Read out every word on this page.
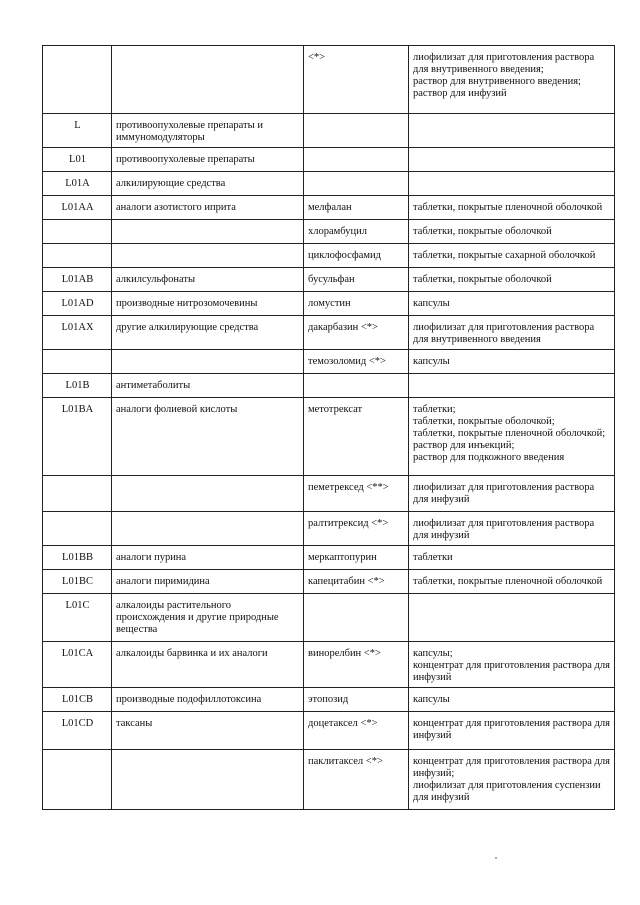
		<*>	лиофилизат для приготовления раствора для внутривенного введения;
раствор для внутривенного введения;
раствор для инфузий

L	противоопухолевые препараты и иммуномодуляторы		
L01	противоопухолевые препараты		
L01A	алкилирующие средства		
L01AA	аналоги азотистого иприта	мелфалан	таблетки, покрытые пленочной оболочкой

		хлорамбуцил	таблетки, покрытые оболочкой

		циклофосфамид	таблетки, покрытые сахарной оболочкой

L01AB	алкилсульфонаты	бусульфан	таблетки, покрытые оболочкой

L01AD	производные нитрозомочевины	ломустин	капсулы

L01AX	другие алкилирующие средства	дакарбазин <*>	лиофилизат для приготовления раствора для внутривенного введения

		темозоломид <*>	капсулы

L01B	антиметаболиты		
L01BA	аналоги фолиевой кислоты	метотрексат	таблетки;
таблетки, покрытые оболочкой;
таблетки, покрытые пленочной оболочкой;
раствор для инъекций;
раствор для подкожного введения

		пеметрексед <**>	лиофилизат для приготовления раствора для инфузий

		ралтитрексид <*>	лиофилизат для приготовления раствора для инфузий

L01BB	аналоги пурина	меркаптопурин	таблетки

L01BC	аналоги пиримидина	капецитабин <*>	таблетки, покрытые пленочной оболочкой

L01C	алкалоиды растительного происхождения и другие природные вещества		
L01CA	алкалоиды барвинка и их аналоги	винорелбин <*>	капсулы;
концентрат для приготовления раствора для инфузий

L01CB	производные подофиллотоксина	этопозид	капсулы

L01CD	таксаны	доцетаксел <*>	концентрат для приготовления раствора для инфузий

		паклитаксел <*>	концентрат для приготовления раствора для инфузий;
лиофилизат для приготовления суспензии для инфузий
